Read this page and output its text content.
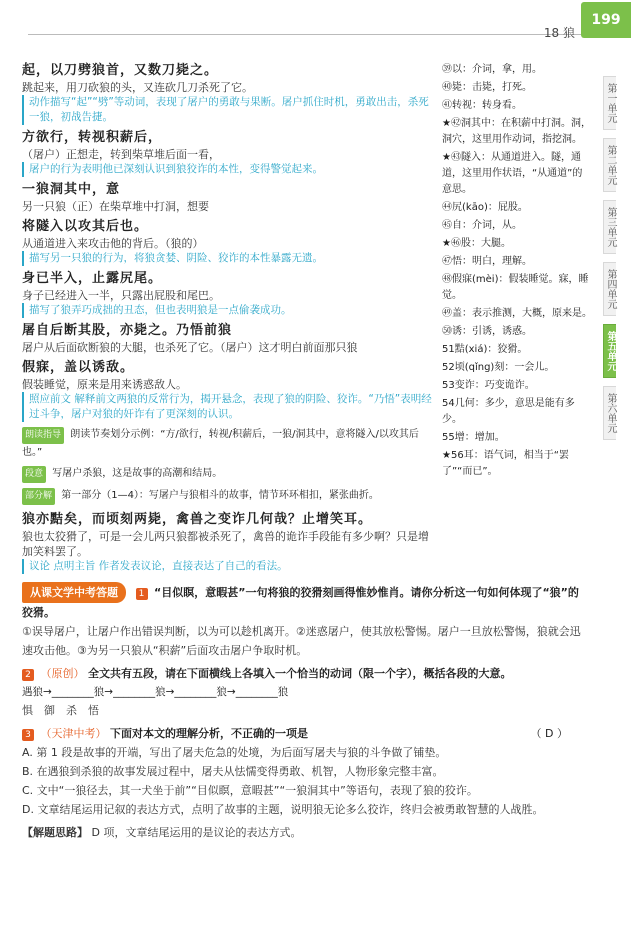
18 狼
199
第一单元
第二单元
第三单元
第四单元
第五单元
第六单元
起，以刀劈狼首，又数刀毙之。
跳起来，用刀砍狼的头，又连砍几刀杀死了它。
动作描写“起”“劈”等动词，表现了屠户的勇敢与果断。屠户抓住时机，勇敢出击，杀死一狼，初战告捷。
方欲行，转视积薪后，
（屠户）正想走，转到柴草堆后面一看，
屠户的行为表明他已深刻认识到狼狡诈的本性，变得警觉起来。
一狼洞其中，意
另一只狼（正）在柴草堆中打洞，想要
将隧入以攻其后也。
从通道进入来攻击他的背后。（狼的）
描写另一只狼的行为，将狼贪婪、阴险、狡诈的本性暴露无遗。
身已半入，止露尻尾。
身子已经进入一半，只露出屁股和尾巴。
描写了狼弄巧成拙的丑态，但也表明狼是一点偷袭成功。
屠自后断其股，亦毙之。乃悟前狼
屠户从后面砍断狼的大腿，也杀死了它。（屠户）这才明白前面那只狼
假寐，盖以诱敌。
假装睡觉，原来是用来诱惑敌人。
照应前文 解释前文两狼的反常行为，揭开悬念，表现了狼的阴险、狡诈。“乃悟”表明经过斗争，屠户对狼的奸诈有了更深刻的认识。
朗读指导 朗读节奏划分示例：“方/欲行，转视/积薪后，一狼/洞其中，意将隧入/以攻其后也。”
段意 写屠户杀狼，这是故事的高潮和结局。
部分解 第一部分（1—4）：写屠户与狼相斗的故事，情节环环相扣，紧张曲折。
狼亦黠矣，而顷刻两毙，禽兽之变诈几何哉？止增笑耳。
狼也太狡猾了，可是一会儿两只狼都被杀死了，禽兽的诡诈手段能有多少啊？只是增加笑料罢了。
议论 点明主旨 作者发表议论，直接表达了自己的看法。
㊴以：介词，拿，用。
㊵毙：击毙，打死。
㊶转视：转身看。
★㊷洞其中：在积薪中打洞。洞，洞穴，这里用作动词，指挖洞。
★㊸隧入：从通道进入。隧，通道，这里用作状语，“从通道”的意思。
㊹尻(kāo)：屁股。
㊺自：介词，从。
★㊻股：大腿。
㊼悟：明白，理解。
㊽假寐(mèi)：假装睡觉。寐，睡觉。
㊾盖：表示推测，大概，原来是。
㊿诱：引诱，诱惑。
51黠(xiá)：狡猾。
52顷(qǐng)刻：一会儿。
53变诈：巧变诡诈。
54几何：多少，意思是能有多少。
55增：增加。
★56耳：语气词，相当于“罢了”“而已”。
从课文学中考答题 1 “目似瞑，意暇甚”一句将狼的狡猾刻画得惟妙惟肖。请你分析这一句如何体现了“狼”的狡猾。
①误导屠户，让屠户作出错误判断，以为可以趁机离开。②迷惑屠户，使其放松警惕。屠户一旦放松警惕，狼就会迅速攻击他。③为另一只狼从“积薪”后面攻击屠户争取时机。
2 （原创） 全文共有五段，请在下面横线上各填入一个恰当的动词（限一个字），概括各段的大意。
遇狼→________狼→________狼→________狼→________狼
惧　御　杀　悟
3 （天津中考） 下面对本文的理解分析，不正确的一项是	（ D ）
A. 第 1 段是故事的开端，写出了屠夫危急的处境，为后面写屠夫与狼的斗争做了铺垫。
B. 在遇狼到杀狼的故事发展过程中，屠夫从怯懦变得勇敢、机智，人物形象完整丰富。
C. 文中“一狼径去，其一犬坐于前”“目似瞑，意暇甚”“一狼洞其中”等语句，表现了狼的狡诈。
D. 文章结尾运用记叙的表达方式，点明了故事的主题，说明狼无论多么狡诈，终归会被勇敢智慧的人战胜。
【解题思路】 D 项，文章结尾运用的是议论的表达方式。
